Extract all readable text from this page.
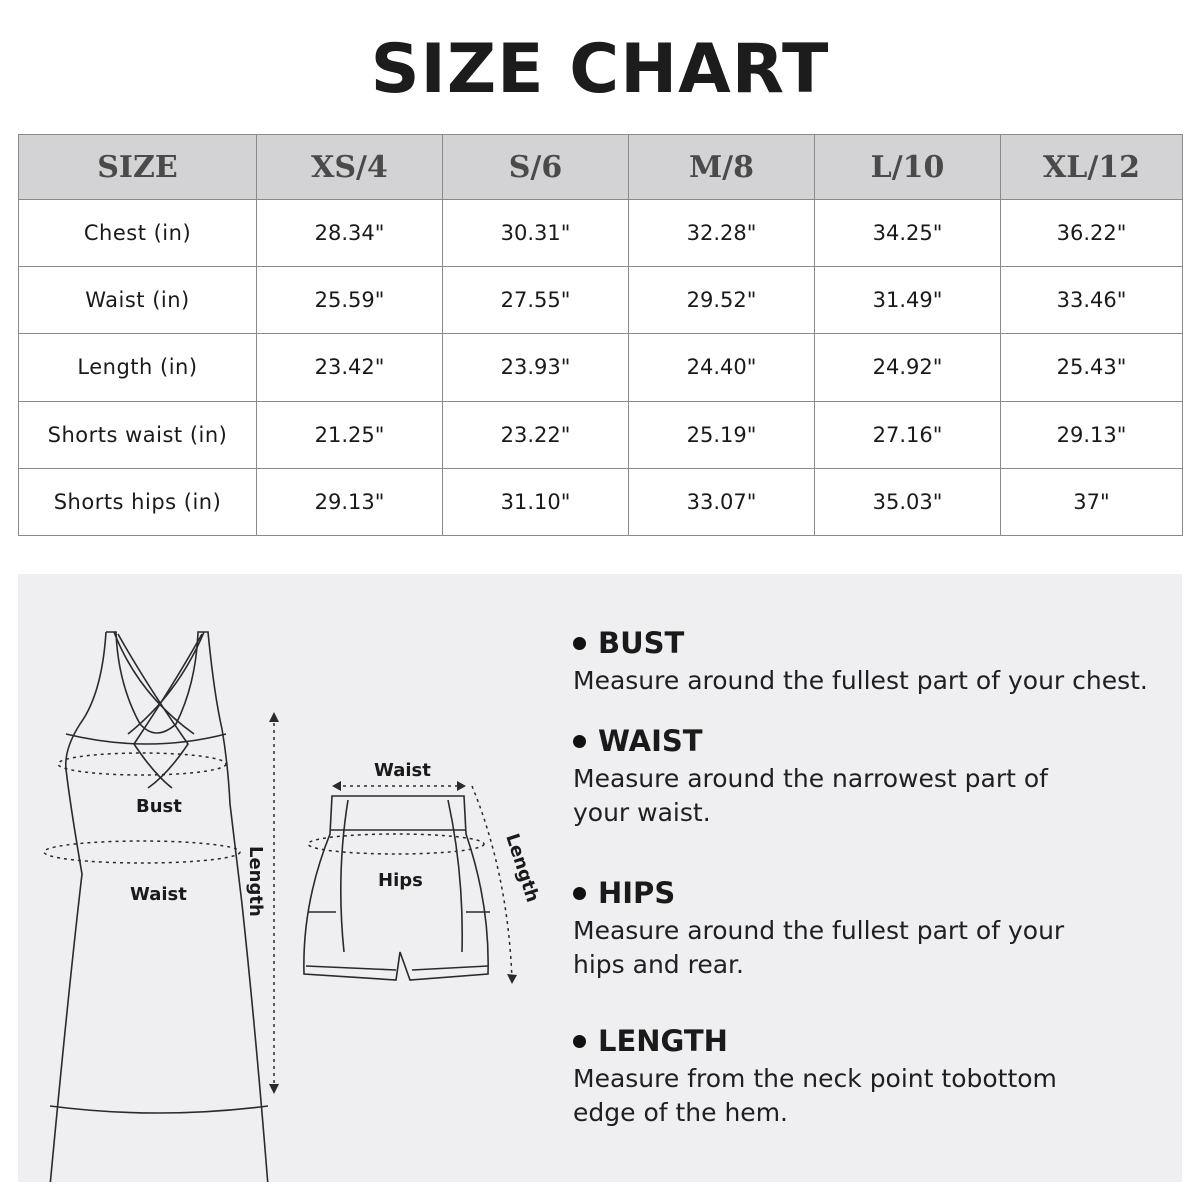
SIZE CHART
SIZE	XS/4	S/6	M/8	L/10	XL/12
Chest (in)	28.34"	30.31"	32.28"	34.25"	36.22"
Waist (in)	25.59"	27.55"	29.52"	31.49"	33.46"
Length (in)	23.42"	23.93"	24.40"	24.92"	25.43"
Shorts waist (in)	21.25"	23.22"	25.19"	27.16"	29.13"
Shorts hips (in)	29.13"	31.10"	33.07"	35.03"	37"
Bust
Waist	Length
Waist
Hips	Length
BUST
Measure around the fullest part of your chest.
WAIST
Measure around the narrowest part of
your waist.
HIPS
Measure around the fullest part of your
hips and rear.
LENGTH
Measure from the neck point tobottom
edge of the hem.
